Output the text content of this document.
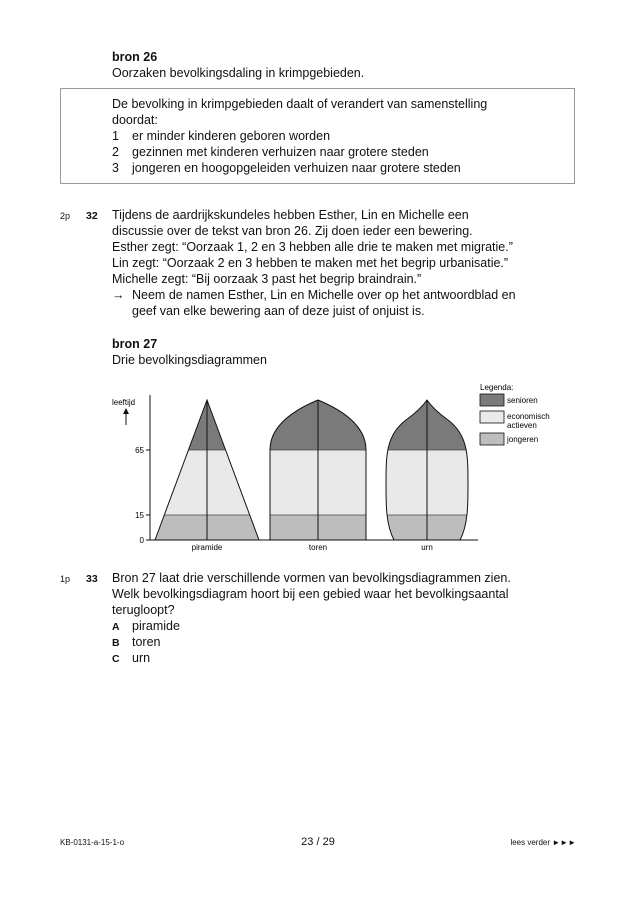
bron 26
Oorzaken bevolkingsdaling in krimpgebieden.
De bevolking in krimpgebieden daalt of verandert van samenstelling
doordat:
1 er minder kinderen geboren worden
2 gezinnen met kinderen verhuizen naar grotere steden
3 jongeren en hoogopgeleiden verhuizen naar grotere steden
2p 32 Tijdens de aardrijkskundeles hebben Esther, Lin en Michelle een
discussie over de tekst van bron 26. Zij doen ieder een bewering.
Esther zegt: “Oorzaak 1, 2 en 3 hebben alle drie te maken met migratie.”
Lin zegt: “Oorzaak 2 en 3 hebben te maken met het begrip urbanisatie.”
Michelle zegt: “Bij oorzaak 3 past het begrip braindrain.”
→ Neem de namen Esther, Lin en Michelle over op het antwoordblad en
geef van elke bewering aan of deze juist of onjuist is.
bron 27
Drie bevolkingsdiagrammen
leeftijd
65
15
0
piramide	toren	urn
Legenda:
senioren
economisch
actieven
jongeren
1p 33 Bron 27 laat drie verschillende vormen van bevolkingsdiagrammen zien.
Welk bevolkingsdiagram hoort bij een gebied waar het bevolkingsaantal
terugloopt?
A piramide
B toren
C urn
KB-0131-a-15-1-o	23 / 29	lees verder ►►►
